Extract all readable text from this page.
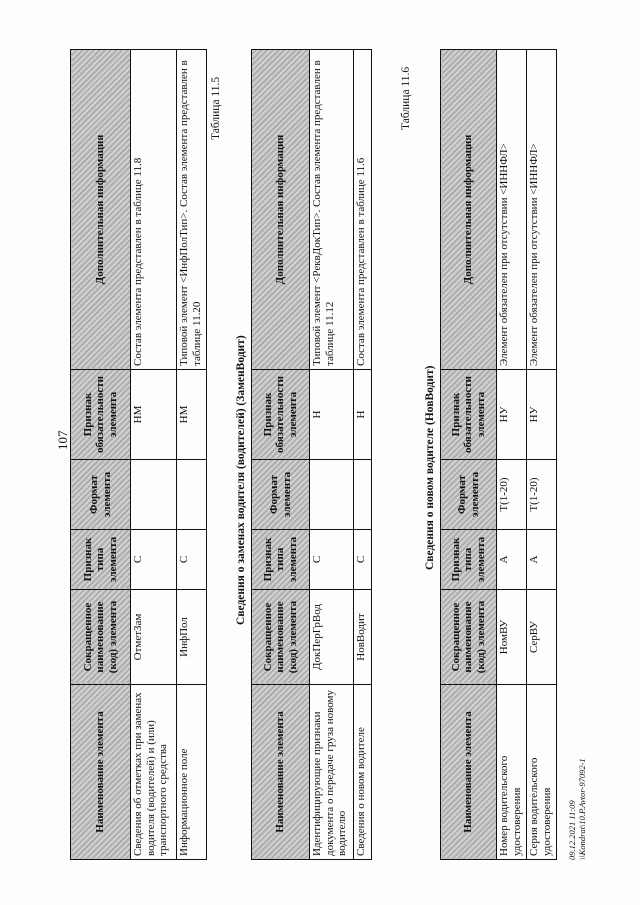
107
Наименование элемента	Сокращенное наименование (код) элемента	Признак типа элемента	Формат элемента	Признак обязательности элемента	Дополнительная информация
Сведения об отметках при заменах водителя (водителей) и (или) транспортного средства	ОтметЗам	С		НМ	Состав элемента представлен в таблице 11.8
Информационное поле	ИнфПол	С		НМ	Типовой элемент <ИнфПолТип>. Состав элемента представлен в таблице 11.20
Таблица 11.5
Сведения о заменах водителя (водителей) (ЗаменВодит)
Наименование элемента	Сокращенное наименование (код) элемента	Признак типа элемента	Формат элемента	Признак обязательности элемента	Дополнительная информация
Идентифицирующие признаки документа о передаче груза новому водителю	ДокПерГрВод	С		Н	Типовой элемент <РеквДокТип>. Состав элемента представлен в таблице 11.12
Сведения о новом водителе	НовВодит	С		Н	Состав элемента представлен в таблице 11.6
Таблица 11.6
Сведения о новом водителе (НовВодит)
Наименование элемента	Сокращенное наименование (код) элемента	Признак типа элемента	Формат элемента	Признак обязательности элемента	Дополнительная информация
Номер водительского удостоверения	НомВУ	А	T(1-20)	НУ	Элемент обязателен при отсутствии <ИННФЛ>
Серия водительского удостоверения	СерВУ	А	T(1-20)	НУ	Элемент обязателен при отсутствии <ИННФЛ>
09.12.2021 11:09 \\Kondrat\10.P.Avtor-97092-1
